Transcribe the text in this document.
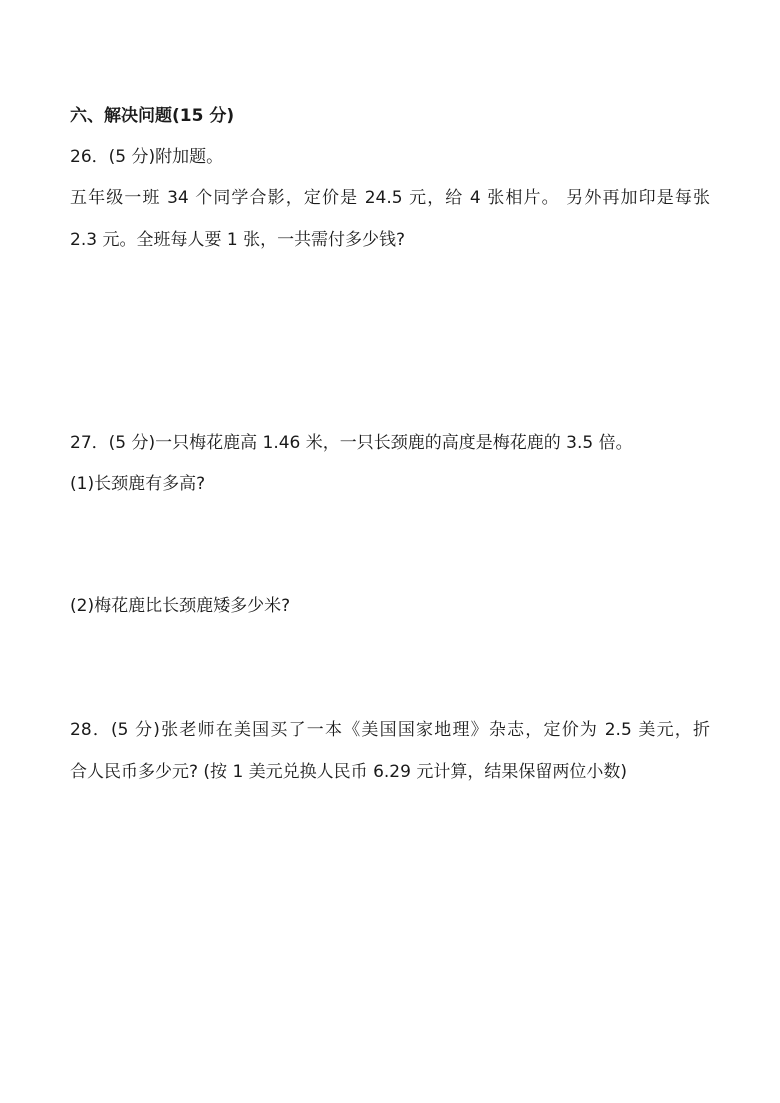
六、解决问题(15 分)
26．(5 分)附加题。
五年级一班 34 个同学合影，定价是 24.5 元，给 4 张相片。 另外再加印是每张
2.3 元。全班每人要 1 张，一共需付多少钱?
27．(5 分)一只梅花鹿高 1.46 米，一只长颈鹿的高度是梅花鹿的 3.5 倍。
(1)长颈鹿有多高?
(2)梅花鹿比长颈鹿矮多少米?
28．(5 分)张老师在美国买了一本《美国国家地理》杂志，定价为 2.5 美元，折
合人民币多少元? (按 1 美元兑换人民币 6.29 元计算，结果保留两位小数)
